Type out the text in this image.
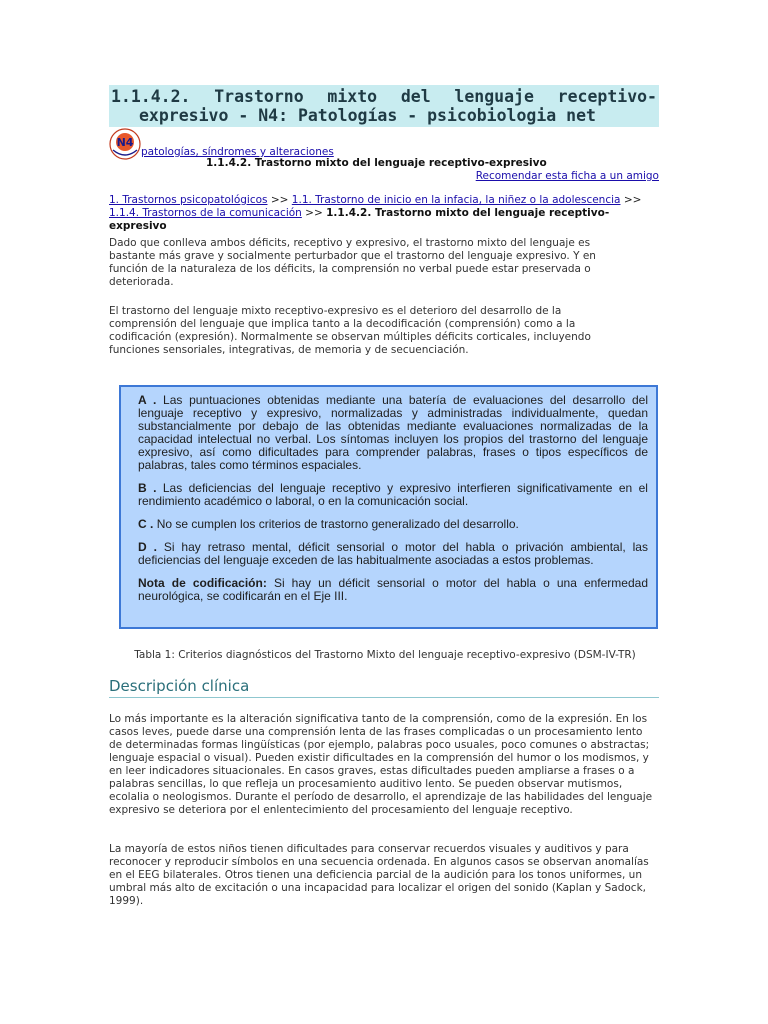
1.1.4.2. Trastorno mixto del lenguaje receptivo-
expresivo - N4: Patologías - psicobiologia net
N4
patologías, síndromes y alteraciones
1.1.4.2. Trastorno mixto del lenguaje receptivo-expresivo
Recomendar esta ficha a un amigo
1. Trastornos psicopatológicos >> 1.1. Trastorno de inicio en la infacia, la niñez o la adolescencia >> 1.1.4. Trastornos de la comunicación >> 1.1.4.2. Trastorno mixto del lenguaje receptivo-expresivo

Dado que conlleva ambos déficits, receptivo y expresivo, el trastorno mixto del lenguaje es bastante más grave y socialmente perturbador que el trastorno del lenguaje expresivo. Y en función de la naturaleza de los déficits, la comprensión no verbal puede estar preservada o deteriorada.

El trastorno del lenguaje mixto receptivo-expresivo es el deterioro del desarrollo de la comprensión del lenguaje que implica tanto a la decodificación (comprensión) como a la codificación (expresión). Normalmente se observan múltiples déficits corticales, incluyendo funciones sensoriales, integrativas, de memoria y de secuenciación.

A . Las puntuaciones obtenidas mediante una batería de evaluaciones del desarrollo del lenguaje receptivo y expresivo, normalizadas y administradas individualmente, quedan substancialmente por debajo de las obtenidas mediante evaluaciones normalizadas de la capacidad intelectual no verbal. Los síntomas incluyen los propios del trastorno del lenguaje expresivo, así como dificultades para comprender palabras, frases o tipos específicos de palabras, tales como términos espaciales.

B . Las deficiencias del lenguaje receptivo y expresivo interfieren significativamente en el rendimiento académico o laboral, o en la comunicación social.

C . No se cumplen los criterios de trastorno generalizado del desarrollo.

D . Si hay retraso mental, déficit sensorial o motor del habla o privación ambiental, las deficiencias del lenguaje exceden de las habitualmente asociadas a estos problemas.

Nota de codificación: Si hay un déficit sensorial o motor del habla o una enfermedad neurológica, se codificarán en el Eje III.

Tabla 1: Criterios diagnósticos del Trastorno Mixto del lenguaje receptivo-expresivo (DSM-IV-TR)
Descripción clínica

Lo más importante es la alteración significativa tanto de la comprensión, como de la expresión. En los casos leves, puede darse una comprensión lenta de las frases complicadas o un procesamiento lento de determinadas formas lingüísticas (por ejemplo, palabras poco usuales, poco comunes o abstractas; lenguaje espacial o visual). Pueden existir dificultades en la comprensión del humor o los modismos, y en leer indicadores situacionales. En casos graves, estas dificultades pueden ampliarse a frases o a palabras sencillas, lo que refleja un procesamiento auditivo lento. Se pueden observar mutismos, ecolalia o neologismos. Durante el período de desarrollo, el aprendizaje de las habilidades del lenguaje expresivo se deteriora por el enlentecimiento del procesamiento del lenguaje receptivo.

La mayoría de estos niños tienen dificultades para conservar recuerdos visuales y auditivos y para reconocer y reproducir símbolos en una secuencia ordenada. En algunos casos se observan anomalías en el EEG bilaterales. Otros tienen una deficiencia parcial de la audición para los tonos uniformes, un umbral más alto de excitación o una incapacidad para localizar el origen del sonido (Kaplan y Sadock, 1999).
